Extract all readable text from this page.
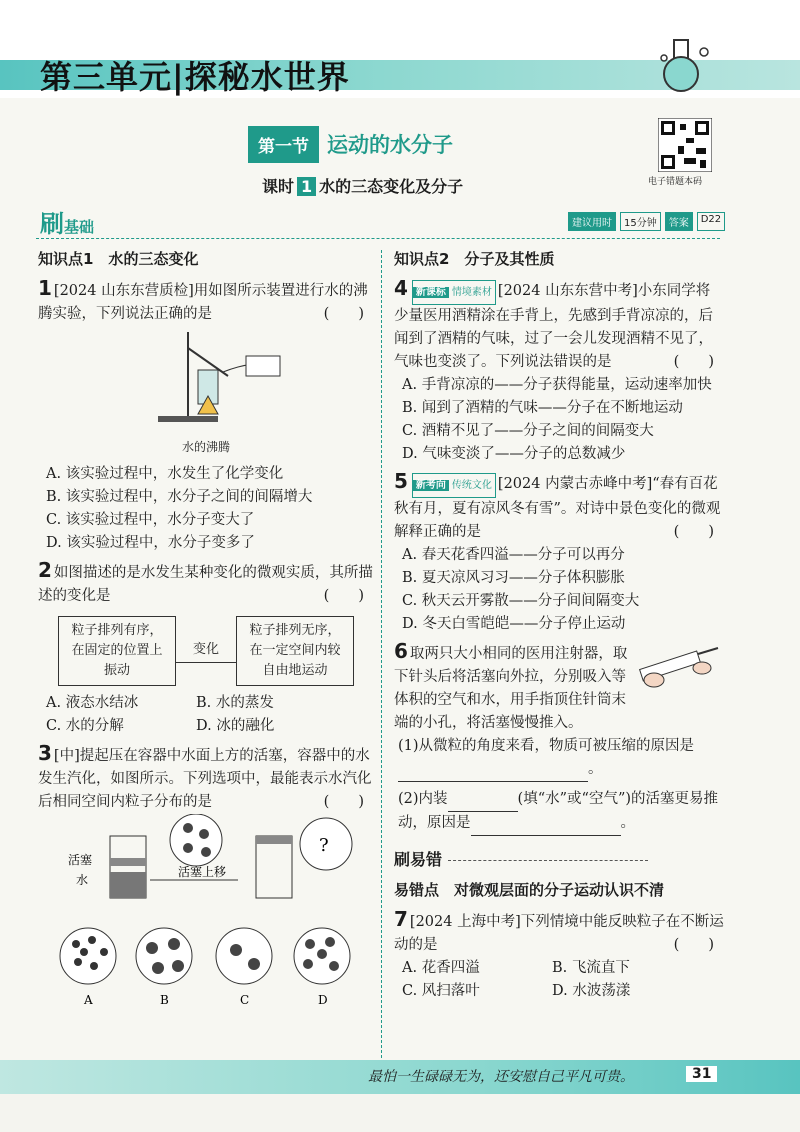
第三单元|探秘水世界
第一节 运动的水分子
电子错题本码
课时 1 水的三态变化及分子
刷基础	建议用时	15分钟	答案	D22
知识点1　水的三态变化
1 [2024 山东东营质检]用如图所示装置进行水的沸腾实验，下列说法正确的是	(　　)
水的沸腾
A. 该实验过程中，水发生了化学变化
B. 该实验过程中，水分子之间的间隔增大
C. 该实验过程中，水分子变大了
D. 该实验过程中，水分子变多了
2 如图描述的是水发生某种变化的微观实质，其所描述的变化是	(　　)
粒子排列有序，在固定的位置上振动
变化
粒子排列无序，在一定空间内较自由地运动
A. 液态水结冰	B. 水的蒸发
C. 水的分解	D. 冰的融化
3 [中]提起压在容器中水面上方的活塞，容器中的水发生汽化，如图所示。下列选项中，最能表示水汽化后相同空间内粒子分布的是	(　　)
活塞
水
活塞上移
?

A	B	C	D
知识点2　分子及其性质
4 新课标 情境素材 [2024 山东东营中考]小东同学将少量医用酒精涂在手背上，先感到手背凉凉的，后闻到了酒精的气味，过了一会儿发现酒精不见了，气味也变淡了。下列说法错误的是	(　　)
A. 手背凉凉的——分子获得能量，运动速率加快
B. 闻到了酒精的气味——分子在不断地运动
C. 酒精不见了——分子之间的间隔变大
D. 气味变淡了——分子的总数减少
5 新考向 传统文化 [2024 内蒙古赤峰中考]“春有百花秋有月，夏有凉风冬有雪”。对诗中景色变化的微观解释正确的是	(　　)
A. 春天花香四溢——分子可以再分
B. 夏天凉风习习——分子体积膨胀
C. 秋天云开雾散——分子间间隔变大
D. 冬天白雪皑皑——分子停止运动
6 取两只大小相同的医用注射器，取下针头后将活塞向外拉，分别吸入等体积的空气和水，用手指顶住针筒末端的小孔，将活塞慢慢推入。
(1)从微粒的角度来看，物质可被压缩的原因是
。
(2)内装	(填“水”或“空气”)的活塞更易推动，原因是	。
刷易错
易错点　对微观层面的分子运动认识不清
7 [2024 上海中考]下列情境中能反映粒子在不断运动的是	(　　)
A. 花香四溢	B. 飞流直下
C. 风扫落叶	D. 水波荡漾
最怕一生碌碌无为，还安慰自己平凡可贵。	31
